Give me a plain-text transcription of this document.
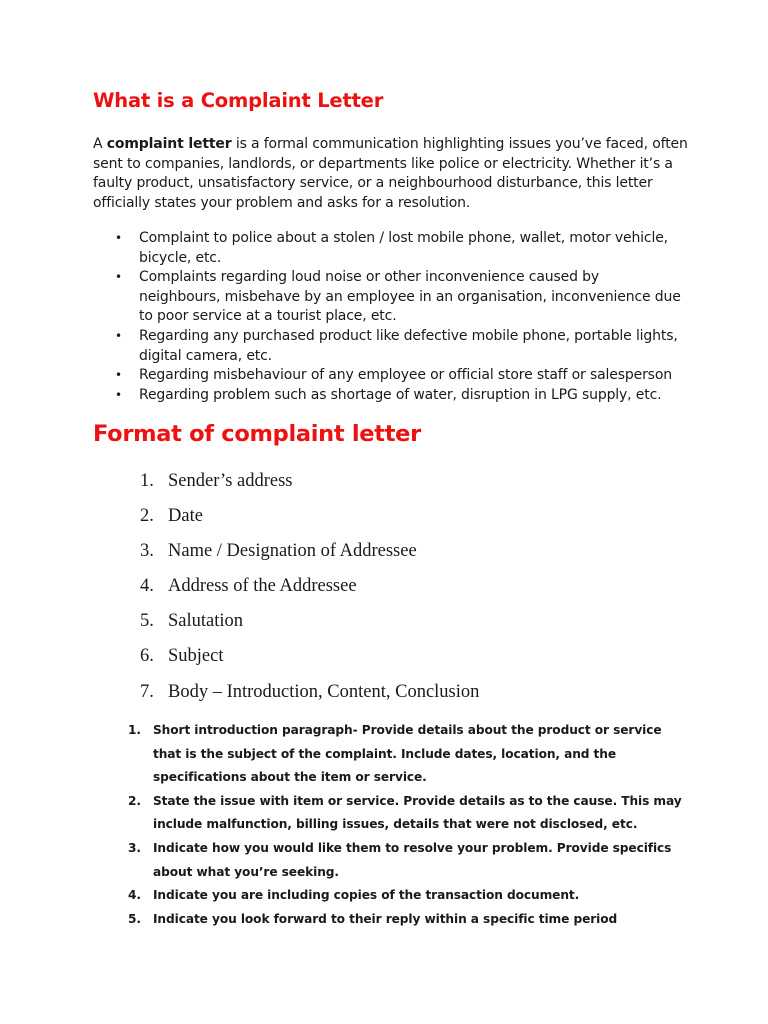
What is a Complaint Letter

A complaint letter is a formal communication highlighting issues you’ve faced, often
sent to companies, landlords, or departments like police or electricity. Whether it’s a
faulty product, unsatisfactory service, or a neighbourhood disturbance, this letter
officially states your problem and asks for a resolution.

• Complaint to police about a stolen / lost mobile phone, wallet, motor vehicle,
bicycle, etc.
• Complaints regarding loud noise or other inconvenience caused by
neighbours, misbehave by an employee in an organisation, inconvenience due
to poor service at a tourist place, etc.
• Regarding any purchased product like defective mobile phone, portable lights,
digital camera, etc.
• Regarding misbehaviour of any employee or official store staff or salesperson
• Regarding problem such as shortage of water, disruption in LPG supply, etc.
Format of complaint letter
1. Sender’s address
2. Date
3. Name / Designation of Addressee
4. Address of the Addressee
5. Salutation
6. Subject
7. Body – Introduction, Content, Conclusion
1. Short introduction paragraph- Provide details about the product or service
that is the subject of the complaint. Include dates, location, and the
specifications about the item or service.
2. State the issue with item or service. Provide details as to the cause. This may
include malfunction, billing issues, details that were not disclosed, etc.
3. Indicate how you would like them to resolve your problem. Provide specifics
about what you’re seeking.
4. Indicate you are including copies of the transaction document.
5. Indicate you look forward to their reply within a specific time period
